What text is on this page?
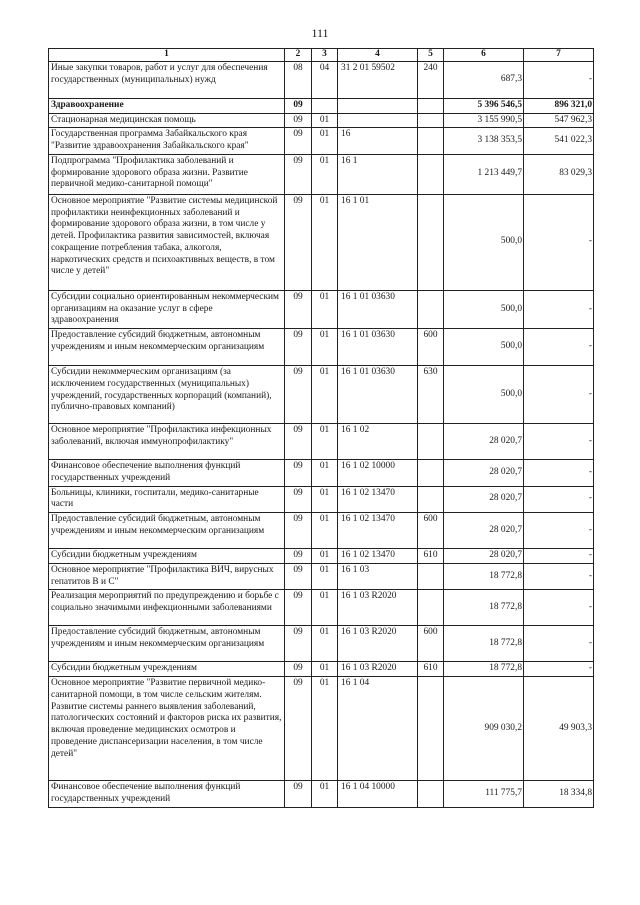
111
1	2	3	4	5	6	7
Иные закупки товаров, работ и услуг для обеспечения государственных (муниципальных) нужд	08	04	31 2 01 59502	240	687,3	-
Здравоохранение	09				5 396 546,5	896 321,0
Стационарная медицинская помощь	09	01			3 155 990,5	547 962,3
Государственная программа Забайкальского края "Развитие здравоохранения Забайкальского края"	09	01	16		3 138 353,5	541 022,3
Подпрограмма "Профилактика заболеваний и формирование здорового образа жизни. Развитие первичной медико-санитарной помощи"	09	01	16 1		1 213 449,7	83 029,3
Основное мероприятие "Развитие системы медицинской профилактики неинфекционных заболеваний и формирование здорового образа жизни, в том числе у детей. Профилактика развития зависимостей, включая сокращение потребления табака, алкоголя, наркотических средств и психоактивных веществ, в том числе у детей"	09	01	16 1 01		500,0	-
Субсидии социально ориентированным некоммерческим организациям на оказание услуг в сфере здравоохранения	09	01	16 1 01 03630		500,0	-
Предоставление субсидий бюджетным, автономным учреждениям и иным некоммерческим организациям	09	01	16 1 01 03630	600	500,0	-
Субсидии некоммерческим организациям (за исключением государственных (муниципальных) учреждений, государственных корпораций (компаний), публично-правовых компаний)	09	01	16 1 01 03630	630	500,0	-
Основное мероприятие "Профилактика инфекционных заболеваний, включая иммунопрофилактику"	09	01	16 1 02		28 020,7	-
Финансовое обеспечение выполнения функций государственных учреждений	09	01	16 1 02 10000		28 020,7	-
Больницы, клиники, госпитали, медико-санитарные части	09	01	16 1 02 13470		28 020,7	-
Предоставление субсидий бюджетным, автономным учреждениям и иным некоммерческим организациям	09	01	16 1 02 13470	600	28 020,7	-
Субсидии бюджетным учреждениям	09	01	16 1 02 13470	610	28 020,7	-
Основное мероприятие "Профилактика ВИЧ, вирусных гепатитов В и С"	09	01	16 1 03		18 772,8	-
Реализация мероприятий по предупреждению и борьбе с социально значимыми инфекционными заболеваниями	09	01	16 1 03 R2020		18 772,8	-
Предоставление субсидий бюджетным, автономным учреждениям и иным некоммерческим организациям	09	01	16 1 03 R2020	600	18 772,8	-
Субсидии бюджетным учреждениям	09	01	16 1 03 R2020	610	18 772,8	-
Основное мероприятие "Развитие первичной медико-санитарной помощи, в том числе сельским жителям. Развитие системы раннего выявления заболеваний, патологических состояний и факторов риска их развития, включая проведение медицинских осмотров и проведение диспансеризации населения, в том числе детей"	09	01	16 1 04		909 030,2	49 903,3
Финансовое обеспечение выполнения функций государственных учреждений	09	01	16 1 04 10000		111 775,7	18 334,8
